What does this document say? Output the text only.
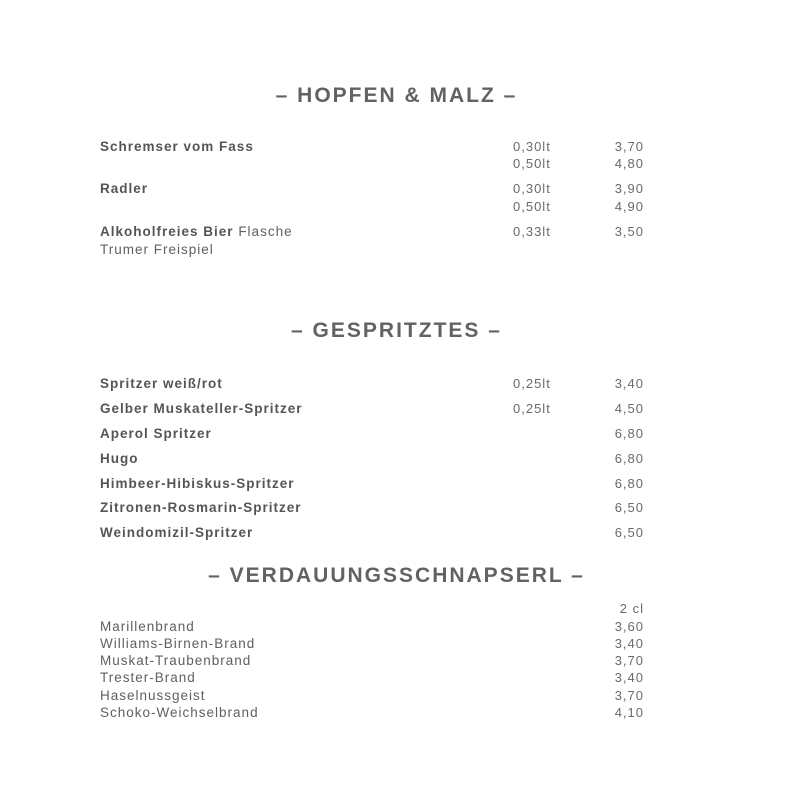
– HOPFEN & MALZ –
Schremser vom Fass	0,30lt	3,70
0,50lt	4,80
Radler	0,30lt	3,90
0,50lt	4,90
Alkoholfreies Bier Flasche	0,33lt	3,50
Trumer Freispiel
– GESPRITZTES –
Spritzer weiß/rot	0,25lt	3,40
Gelber Muskateller-Spritzer	0,25lt	4,50
Aperol Spritzer	6,80
Hugo	6,80
Himbeer-Hibiskus-Spritzer	6,80
Zitronen-Rosmarin-Spritzer	6,50
Weindomizil-Spritzer	6,50
– VERDAUUNGSSCHNAPSERL –
2 cl
Marillenbrand	3,60
Williams-Birnen-Brand	3,40
Muskat-Traubenbrand	3,70
Trester-Brand	3,40
Haselnussgeist	3,70
Schoko-Weichselbrand	4,10
